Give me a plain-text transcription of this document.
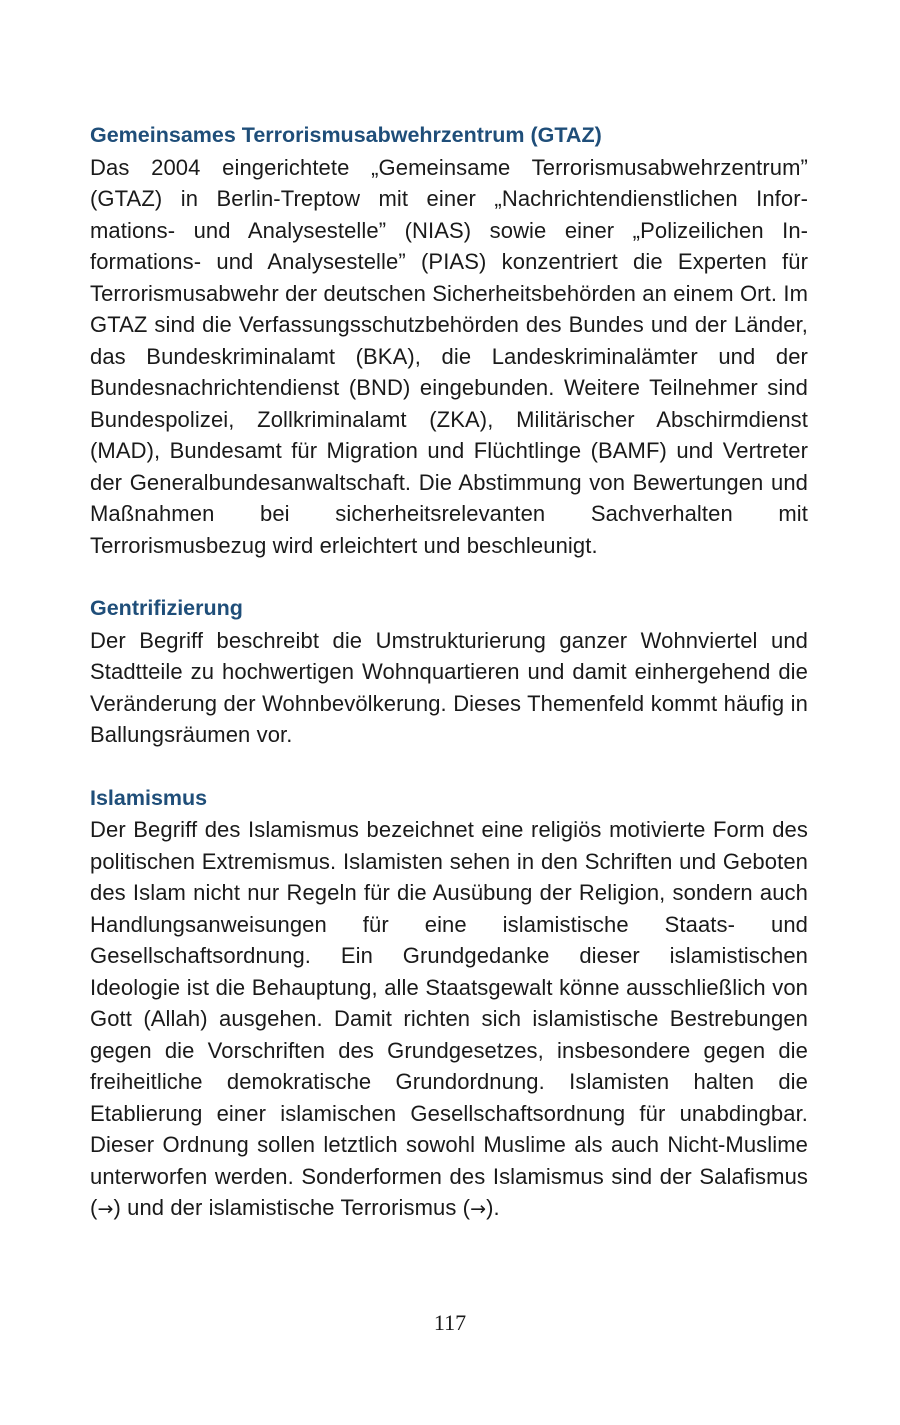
Gemeinsames Terrorismusabwehrzentrum (GTAZ)

Das 2004 eingerichtete „Gemeinsame Terrorismusabwehrzentrum” (GTAZ) in Berlin-Treptow mit einer „Nachrichtendienstlichen Informations- und Analysestelle” (NIAS) sowie einer „Polizeilichen Informations- und Analysestelle” (PIAS) konzentriert die Experten für Terrorismusabwehr der deutschen Sicherheitsbehörden an einem Ort. Im GTAZ sind die Verfassungsschutzbehörden des Bundes und der Länder, das Bundeskriminalamt (BKA), die Landeskriminalämter und der Bundesnachrichtendienst (BND) eingebunden. Weitere Teilnehmer sind Bundespolizei, Zollkriminalamt (ZKA), Militärischer Abschirmdienst (MAD), Bundesamt für Migration und Flüchtlinge (BAMF) und Vertreter der Generalbundesanwaltschaft. Die Abstimmung von Bewertungen und Maßnahmen bei sicherheitsrelevanten Sachverhalten mit Terrorismusbezug wird erleichtert und beschleunigt.

Gentrifizierung

Der Begriff beschreibt die Umstrukturierung ganzer Wohnviertel und Stadtteile zu hochwertigen Wohnquartieren und damit einhergehend die Veränderung der Wohnbevölkerung. Dieses Themenfeld kommt häufig in Ballungsräumen vor.

Islamismus

Der Begriff des Islamismus bezeichnet eine religiös motivierte Form des politischen Extremismus. Islamisten sehen in den Schriften und Geboten des Islam nicht nur Regeln für die Ausübung der Religion, sondern auch Handlungsanweisungen für eine islamistische Staats- und Gesellschaftsordnung. Ein Grundgedanke dieser islamistischen Ideologie ist die Behauptung, alle Staatsgewalt könne ausschließlich von Gott (Allah) ausgehen. Damit richten sich islamistische Bestrebungen gegen die Vorschriften des Grundgesetzes, insbesondere gegen die freiheitliche demokratische Grundordnung. Islamisten halten die Etablierung einer islamischen Gesellschaftsordnung für unabdingbar. Dieser Ordnung sollen letztlich sowohl Muslime als auch Nicht-Muslime unterworfen werden. Sonderformen des Islamismus sind der Salafismus (→) und der islamistische Terrorismus (→).

117
